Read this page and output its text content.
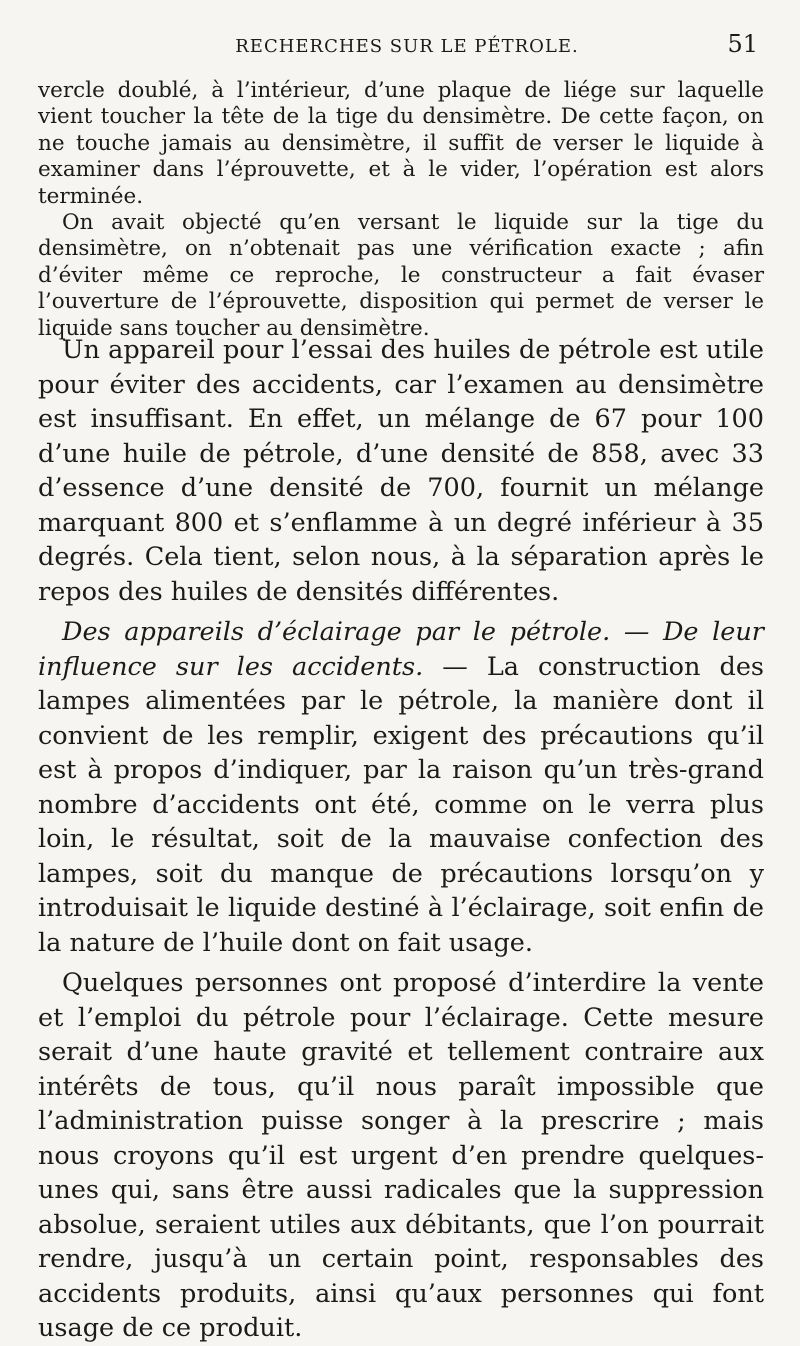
RECHERCHES SUR LE PÉTROLE.	51

vercle doublé, à l’intérieur, d’une plaque de liége sur laquelle vient toucher la tête de la tige du densimètre. De cette façon, on ne touche jamais au densimètre, il suffit de verser le liquide à examiner dans l’éprouvette, et à le vider, l’opération est alors terminée.

On avait objecté qu’en versant le liquide sur la tige du densimètre, on n’obtenait pas une vérification exacte ; afin d’éviter même ce reproche, le constructeur a fait évaser l’ouverture de l’éprouvette, disposition qui permet de verser le liquide sans toucher au densimètre.

Un appareil pour l’essai des huiles de pétrole est utile pour éviter des accidents, car l’examen au densimètre est insuffisant. En effet, un mélange de 67 pour 100 d’une huile de pétrole, d’une densité de 858, avec 33 d’essence d’une densité de 700, fournit un mélange marquant 800 et s’enflamme à un degré inférieur à 35 degrés. Cela tient, selon nous, à la séparation après le repos des huiles de densités différentes.

Des appareils d’éclairage par le pétrole. — De leur influence sur les accidents. — La construction des lampes alimentées par le pétrole, la manière dont il convient de les remplir, exigent des précautions qu’il est à propos d’indiquer, par la raison qu’un très-grand nombre d’accidents ont été, comme on le verra plus loin, le résultat, soit de la mauvaise confection des lampes, soit du manque de précautions lorsqu’on y introduisait le liquide destiné à l’éclairage, soit enfin de la nature de l’huile dont on fait usage.

Quelques personnes ont proposé d’interdire la vente et l’emploi du pétrole pour l’éclairage. Cette mesure serait d’une haute gravité et tellement contraire aux intérêts de tous, qu’il nous paraît impossible que l’administration puisse songer à la prescrire ; mais nous croyons qu’il est urgent d’en prendre quelques-unes qui, sans être aussi radicales que la suppression absolue, seraient utiles aux débitants, que l’on pourrait rendre, jusqu’à un certain point, responsables des accidents produits, ainsi qu’aux personnes qui font usage de ce produit.
